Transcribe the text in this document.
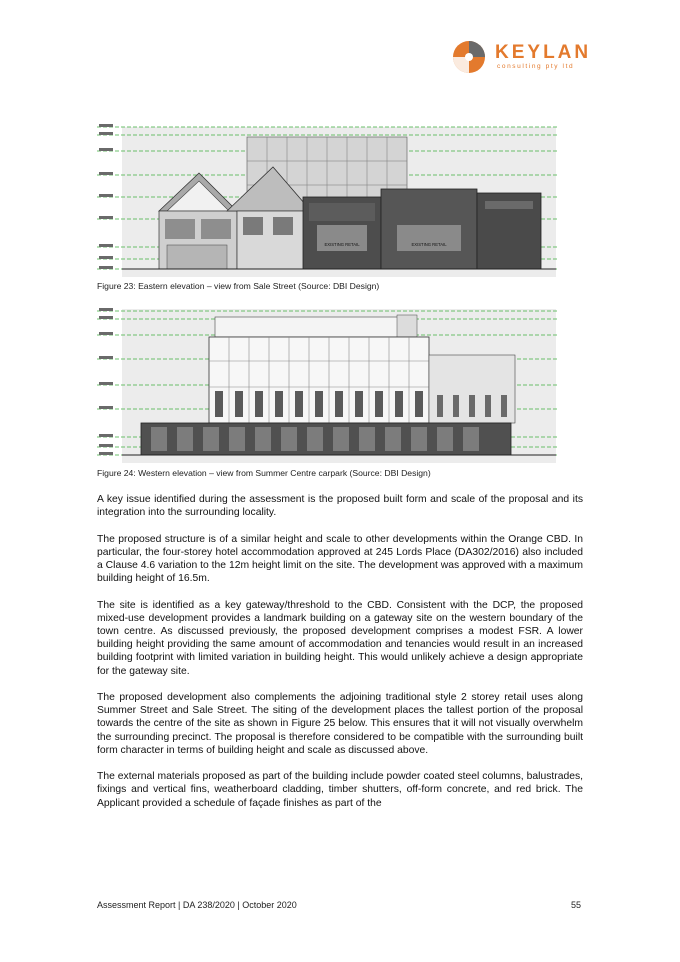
KEYLAN
consulting pty ltd
EXISTING RETAIL	EXISTING RETAIL
Figure 23: Eastern elevation – view from Sale Street (Source: DBI Design)
Figure 24: Western elevation – view from Summer Centre carpark (Source: DBI Design)

A key issue identified during the assessment is the proposed built form and scale of the proposal and its integration into the surrounding locality.

The proposed structure is of a similar height and scale to other developments within the Orange CBD. In particular, the four-storey hotel accommodation approved at 245 Lords Place (DA302/2016) also included a Clause 4.6 variation to the 12m height limit on the site. The development was approved with a maximum building height of 16.5m.

The site is identified as a key gateway/threshold to the CBD. Consistent with the DCP, the proposed mixed-use development provides a landmark building on a gateway site on the western boundary of the town centre. As discussed previously, the proposed development comprises a modest FSR. A lower building height providing the same amount of accommodation and tenancies would result in an increased building footprint with limited variation in building height. This would unlikely achieve a design appropriate for the gateway site.

The proposed development also complements the adjoining traditional style 2 storey retail uses along Summer Street and Sale Street. The siting of the development places the tallest portion of the proposal towards the centre of the site as shown in Figure 25 below. This ensures that it will not visually overwhelm the surrounding precinct. The proposal is therefore considered to be compatible with the surrounding built form character in terms of building height and scale as discussed above.

The external materials proposed as part of the building include powder coated steel columns, balustrades, fixings and vertical fins, weatherboard cladding, timber shutters, off-form concrete, and red brick. The Applicant provided a schedule of façade finishes as part of the

Assessment Report | DA 238/2020 | October 2020	55
